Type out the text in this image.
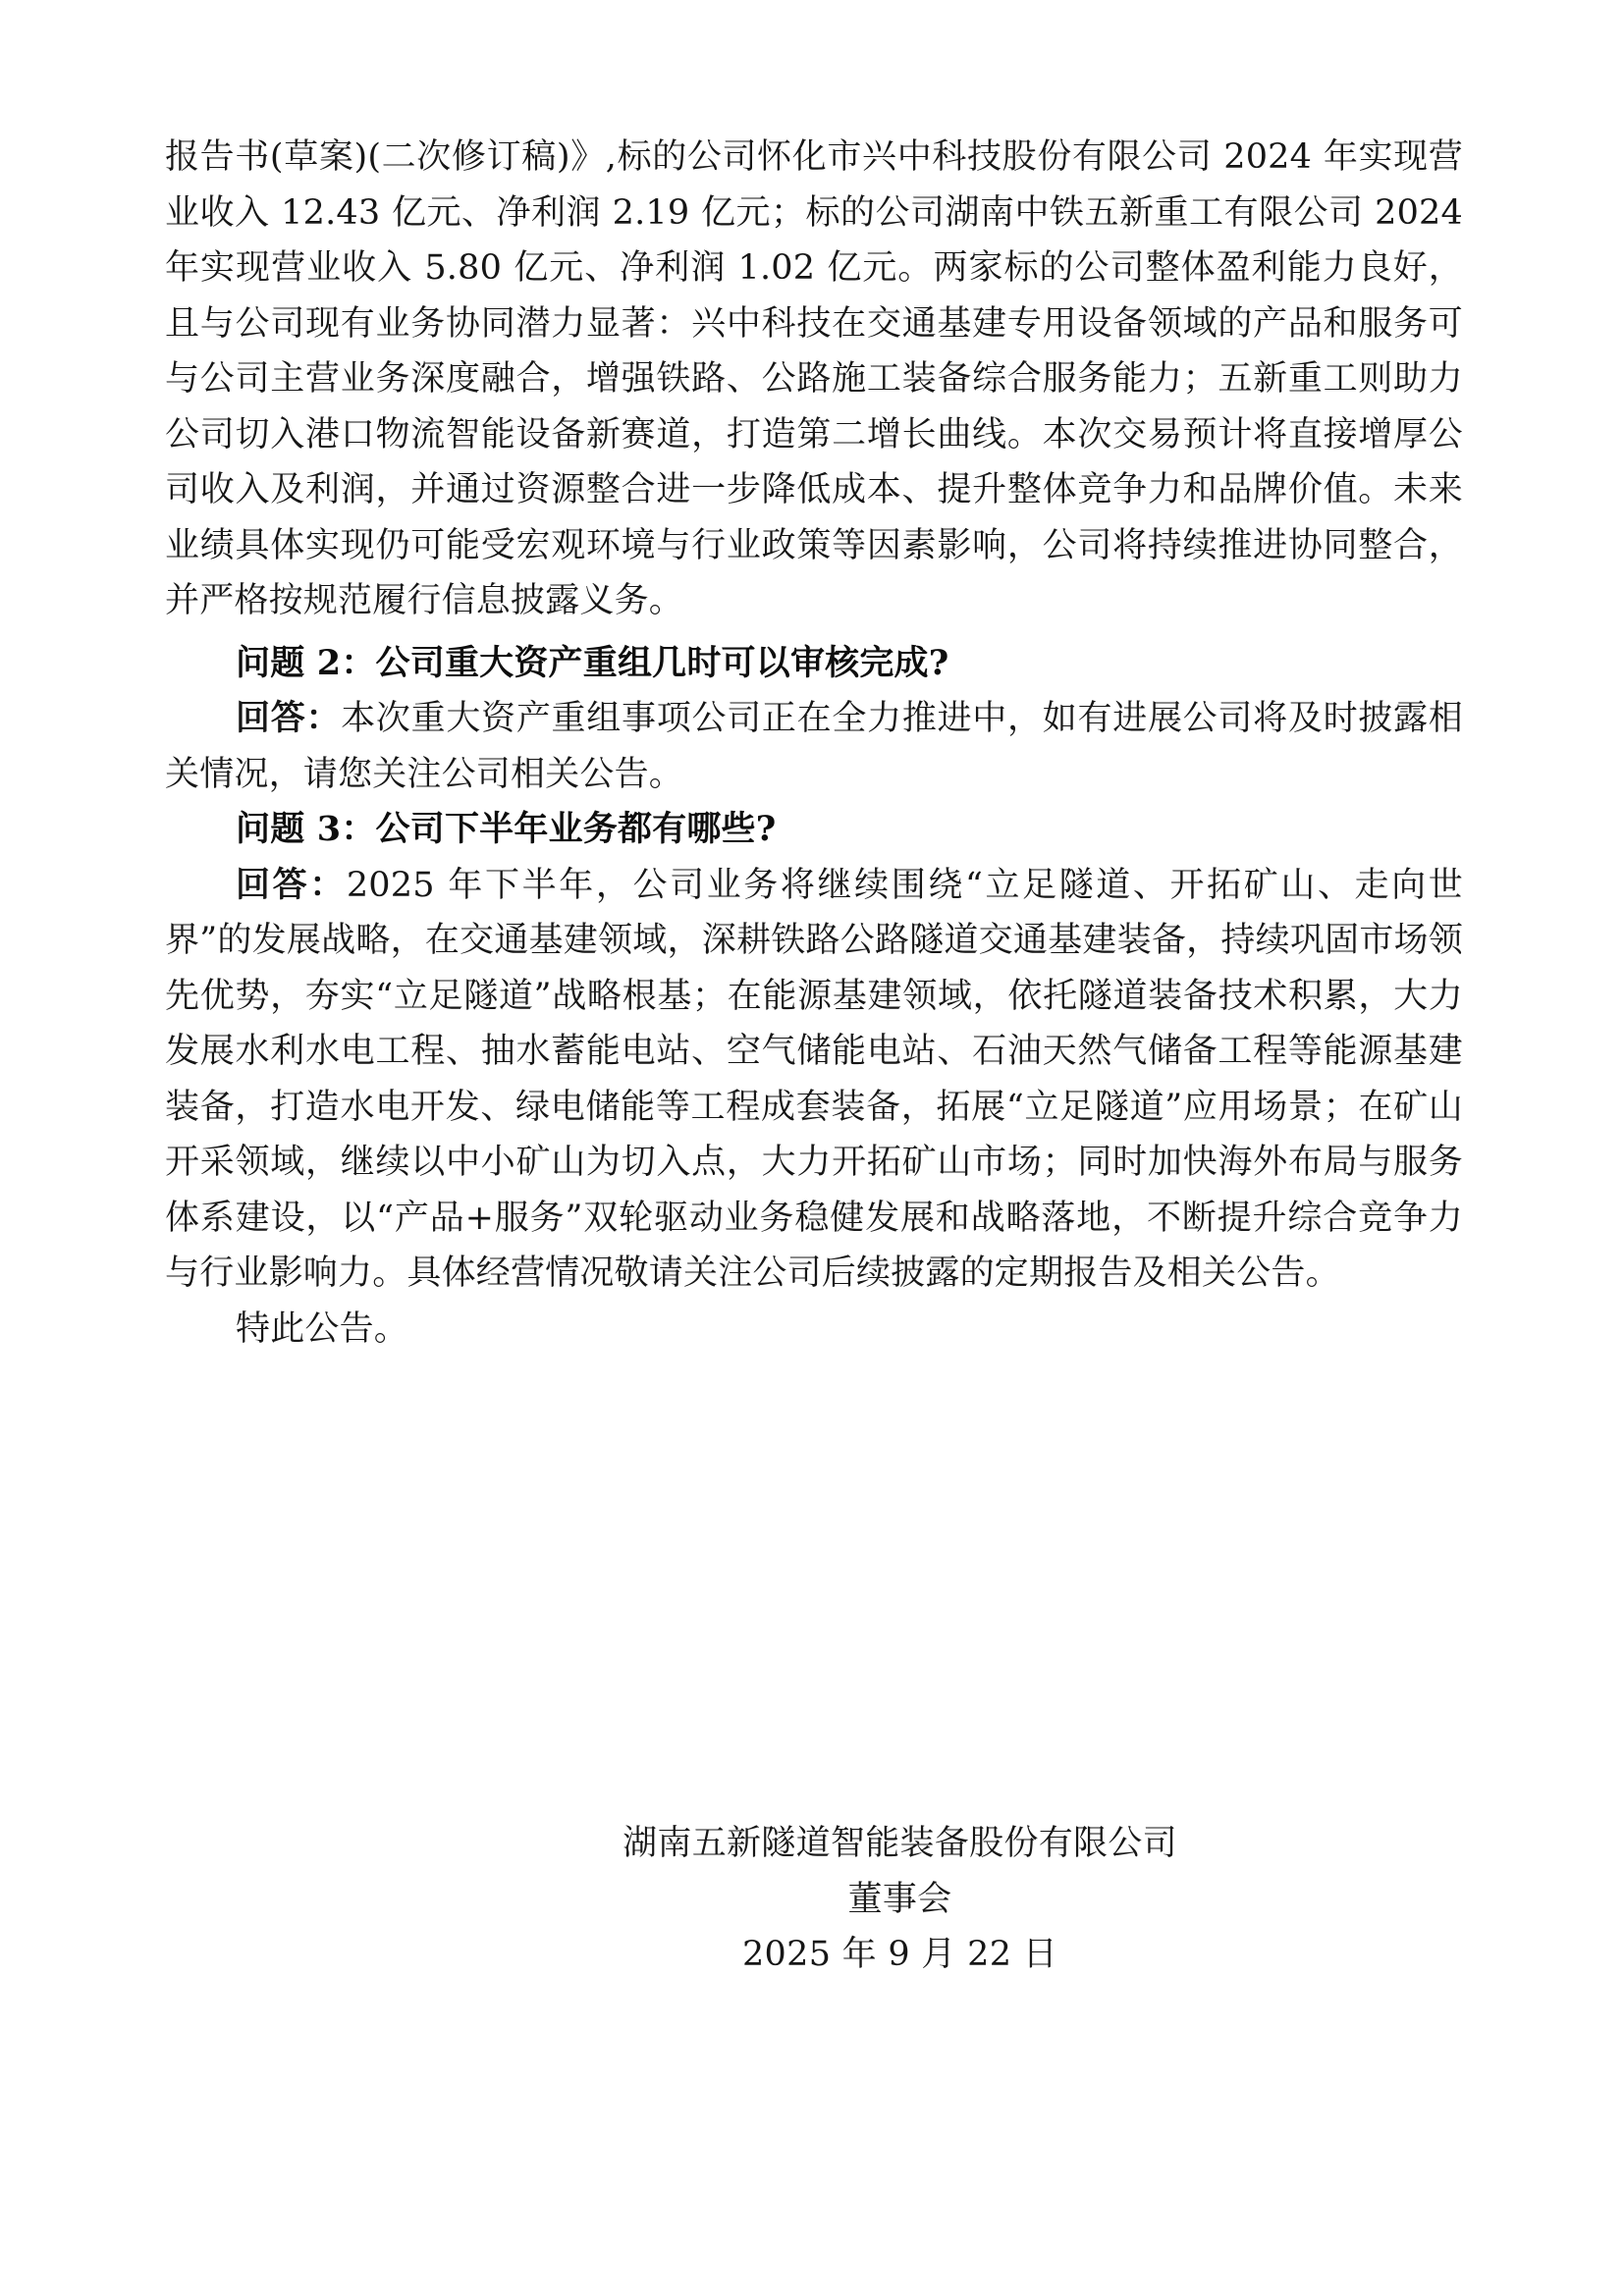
报告书(草案)(二次修订稿)》,标的公司怀化市兴中科技股份有限公司 2024 年实现营业收入 12.43 亿元、净利润 2.19 亿元；标的公司湖南中铁五新重工有限公司 2024 年实现营业收入 5.80 亿元、净利润 1.02 亿元。两家标的公司整体盈利能力良好，且与公司现有业务协同潜力显著：兴中科技在交通基建专用设备领域的产品和服务可与公司主营业务深度融合，增强铁路、公路施工装备综合服务能力；五新重工则助力公司切入港口物流智能设备新赛道，打造第二增长曲线。本次交易预计将直接增厚公司收入及利润，并通过资源整合进一步降低成本、提升整体竞争力和品牌价值。未来业绩具体实现仍可能受宏观环境与行业政策等因素影响，公司将持续推进协同整合，并严格按规范履行信息披露义务。

问题 2：公司重大资产重组几时可以审核完成?

回答：本次重大资产重组事项公司正在全力推进中，如有进展公司将及时披露相关情况，请您关注公司相关公告。

问题 3：公司下半年业务都有哪些?

回答：2025 年下半年，公司业务将继续围绕“立足隧道、开拓矿山、走向世界”的发展战略，在交通基建领域，深耕铁路公路隧道交通基建装备，持续巩固市场领先优势，夯实“立足隧道”战略根基；在能源基建领域，依托隧道装备技术积累，大力发展水利水电工程、抽水蓄能电站、空气储能电站、石油天然气储备工程等能源基建装备，打造水电开发、绿电储能等工程成套装备，拓展“立足隧道”应用场景；在矿山开采领域，继续以中小矿山为切入点，大力开拓矿山市场；同时加快海外布局与服务体系建设，以“产品+服务”双轮驱动业务稳健发展和战略落地，不断提升综合竞争力与行业影响力。具体经营情况敬请关注公司后续披露的定期报告及相关公告。

特此公告。

湖南五新隧道智能装备股份有限公司
董事会
2025 年 9 月 22 日
